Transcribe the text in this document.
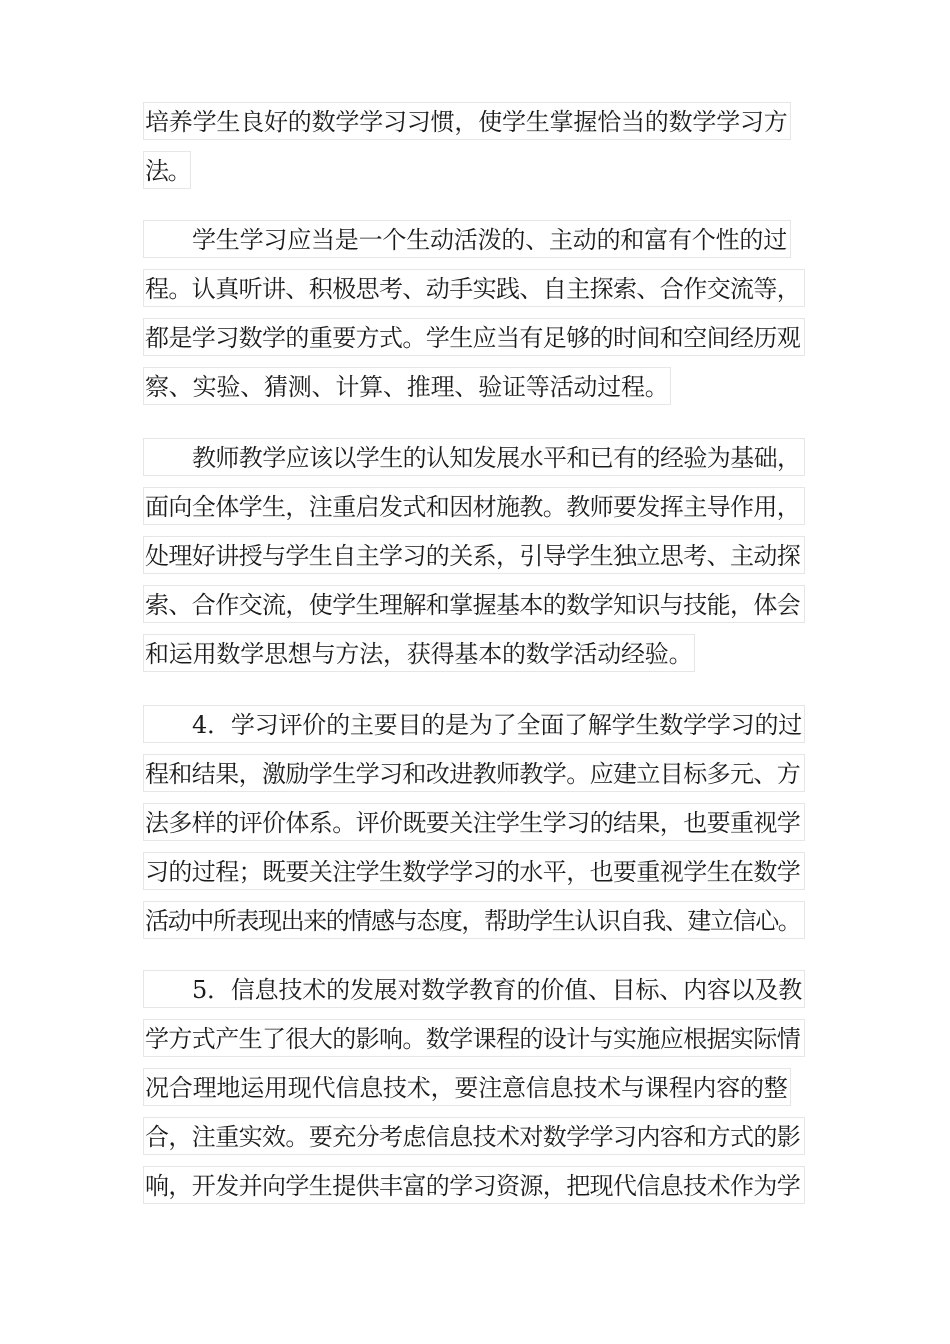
培养学生良好的数学学习习惯，使学生掌握恰当的数学学习方
法。
学生学习应当是一个生动活泼的、主动的和富有个性的过
程。认真听讲、积极思考、动手实践、自主探索、合作交流等，
都是学习数学的重要方式。学生应当有足够的时间和空间经历观
察、实验、猜测、计算、推理、验证等活动过程。
教师教学应该以学生的认知发展水平和已有的经验为基础，
面向全体学生，注重启发式和因材施教。教师要发挥主导作用，
处理好讲授与学生自主学习的关系，引导学生独立思考、主动探
索、合作交流，使学生理解和掌握基本的数学知识与技能，体会
和运用数学思想与方法，获得基本的数学活动经验。
4．学习评价的主要目的是为了全面了解学生数学学习的过
程和结果，激励学生学习和改进教师教学。应建立目标多元、方
法多样的评价体系。评价既要关注学生学习的结果，也要重视学
习的过程；既要关注学生数学学习的水平，也要重视学生在数学
活动中所表现出来的情感与态度，帮助学生认识自我、建立信心。
5．信息技术的发展对数学教育的价值、目标、内容以及教
学方式产生了很大的影响。数学课程的设计与实施应根据实际情
况合理地运用现代信息技术，要注意信息技术与课程内容的整
合，注重实效。要充分考虑信息技术对数学学习内容和方式的影
响，开发并向学生提供丰富的学习资源，把现代信息技术作为学
